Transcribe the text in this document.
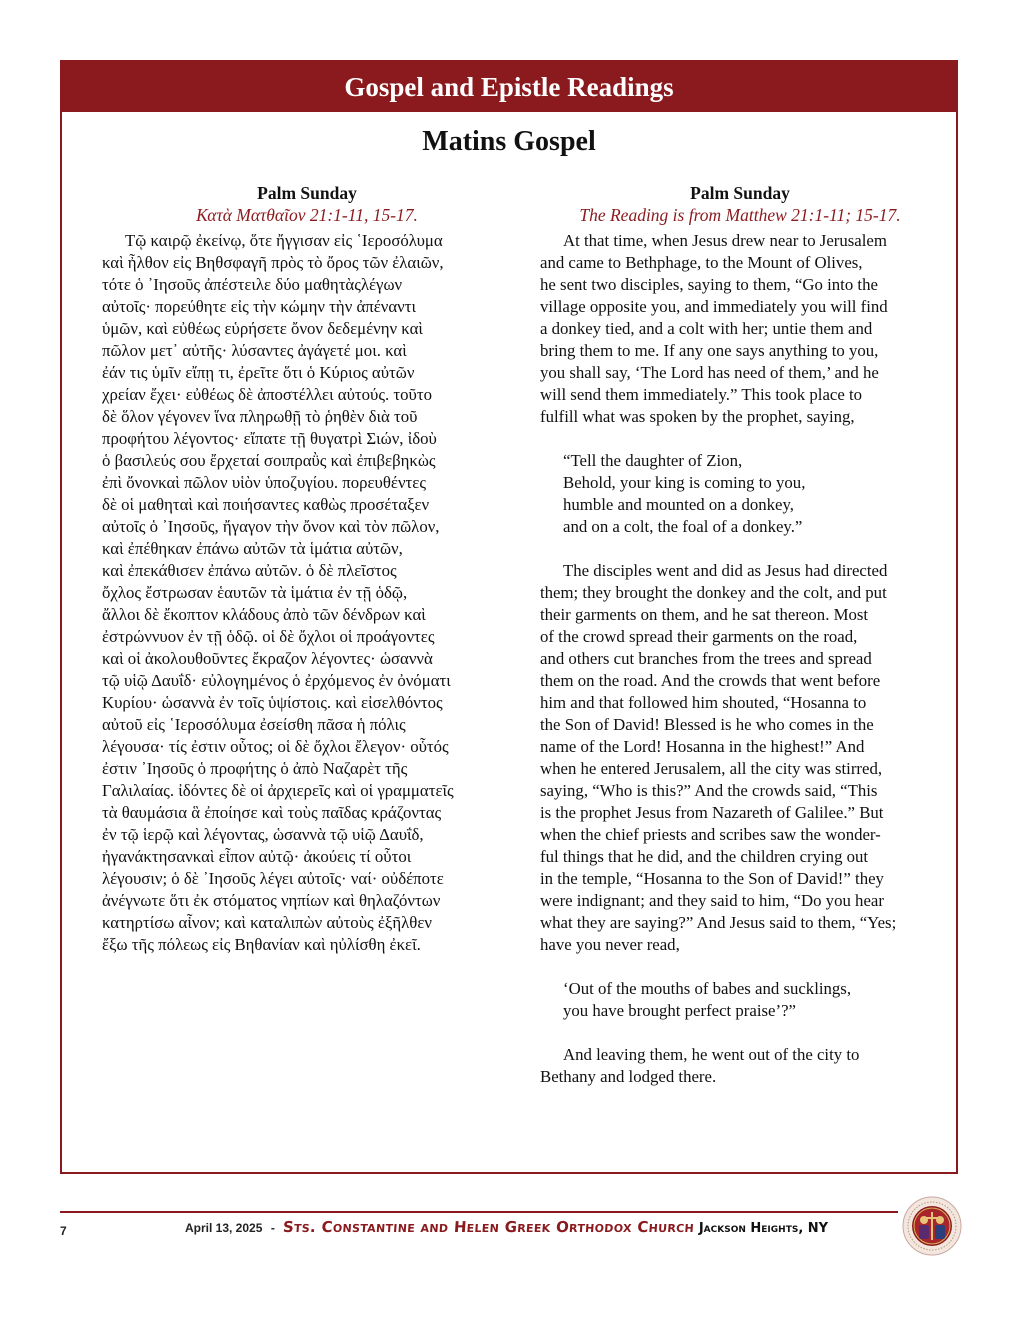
Gospel and Epistle Readings
Matins Gospel
Palm Sunday
Κατὰ Ματθαῖον 21:1-11, 15-17.
Τῷ καιρῷ ἐκείνῳ, ὅτε ἤγγισαν εἰς ῾Ιεροσόλυμα
καὶ ἦλθον εἰς Βηθσφαγῆ πρὸς τὸ ὄρος τῶν ἐλαιῶν,
τότε ὁ ᾿Ιησοῦς ἀπέστειλε δύο μαθητὰςλέγων
αὐτοῖς· πορεύθητε εἰς τὴν κώμην τὴν ἀπέναντι
ὑμῶν, καὶ εὐθέως εὑρήσετε ὄνον δεδεμένην καὶ
πῶλον μετ᾿ αὐτῆς· λύσαντες ἀγάγετέ μοι. καὶ
ἐάν τις ὑμῖν εἴπῃ τι, ἐρεῖτε ὅτι ὁ Κύριος αὐτῶν
χρείαν ἔχει· εὐθέως δὲ ἀποστέλλει αὐτούς. τοῦτο
δὲ ὅλον γέγονεν ἵνα πληρωθῇ τὸ ῥηθὲν διὰ τοῦ
προφήτου λέγοντος· εἴπατε τῇ θυγατρὶ Σιών, ἰδοὺ
ὁ βασιλεύς σου ἔρχεταί σοιπραῢς καὶ ἐπιβεβηκὼς
ἐπὶ ὄνονκαὶ πῶλον υἱὸν ὑποζυγίου. πορευθέντες
δὲ οἱ μαθηταὶ καὶ ποιήσαντες καθὼς προσέταξεν
αὐτοῖς ὁ ᾿Ιησοῦς, ἤγαγον τὴν ὄνον καὶ τὸν πῶλον,
καὶ ἐπέθηκαν ἐπάνω αὐτῶν τὰ ἱμάτια αὐτῶν,
καὶ ἐπεκάθισεν ἐπάνω αὐτῶν. ὁ δὲ πλεῖστος
ὄχλος ἔστρωσαν ἑαυτῶν τὰ ἱμάτια ἐν τῇ ὁδῷ,
ἄλλοι δὲ ἔκοπτον κλάδους ἀπὸ τῶν δένδρων καὶ
ἐστρώννυον ἐν τῇ ὁδῷ. οἱ δὲ ὄχλοι οἱ προάγοντες
καὶ οἱ ἀκολουθοῦντες ἔκραζον λέγοντες· ὡσαννὰ
τῷ υἱῷ Δαυΐδ· εὐλογημένος ὁ ἐρχόμενος ἐν ὀνόματι
Κυρίου· ὡσαννὰ ἐν τοῖς ὑψίστοις. καὶ εἰσελθόντος
αὐτοῦ εἰς ῾Ιεροσόλυμα ἐσείσθη πᾶσα ἡ πόλις
λέγουσα· τίς ἐστιν οὗτος; οἱ δὲ ὄχλοι ἔλεγον· οὗτός
ἐστιν ᾿Ιησοῦς ὁ προφήτης ὁ ἀπὸ Ναζαρὲτ τῆς
Γαλιλαίας. ἰδόντες δὲ οἱ ἀρχιερεῖς καὶ οἱ γραμματεῖς
τὰ θαυμάσια ἃ ἐποίησε καὶ τοὺς παῖδας κράζοντας
ἐν τῷ ἱερῷ καὶ λέγοντας, ὡσαννὰ τῷ υἱῷ Δαυΐδ,
ἠγανάκτησανκαὶ εἶπον αὐτῷ· ἀκούεις τί οὗτοι
λέγουσιν; ὁ δὲ ᾿Ιησοῦς λέγει αὐτοῖς· ναί· οὐδέποτε
ἀνέγνωτε ὅτι ἐκ στόματος νηπίων καὶ θηλαζόντων
κατηρτίσω αἶνον; καὶ καταλιπὼν αὐτοὺς ἐξῆλθεν
ἔξω τῆς πόλεως εἰς Βηθανίαν καὶ ηὐλίσθη ἐκεῖ.
Palm Sunday
The Reading is from Matthew 21:1-11; 15-17.
At that time, when Jesus drew near to Jerusalem
and came to Bethphage, to the Mount of Olives,
he sent two disciples, saying to them, “Go into the
village opposite you, and immediately you will find
a donkey tied, and a colt with her; untie them and
bring them to me. If any one says anything to you,
you shall say, ‘The Lord has need of them,’ and he
will send them immediately.” This took place to
fulfill what was spoken by the prophet, saying,
“Tell the daughter of Zion,
Behold, your king is coming to you,
humble and mounted on a donkey,
and on a colt, the foal of a donkey.”
The disciples went and did as Jesus had directed
them; they brought the donkey and the colt, and put
their garments on them, and he sat thereon. Most
of the crowd spread their garments on the road,
and others cut branches from the trees and spread
them on the road. And the crowds that went before
him and that followed him shouted, “Hosanna to
the Son of David! Blessed is he who comes in the
name of the Lord! Hosanna in the highest!” And
when he entered Jerusalem, all the city was stirred,
saying, “Who is this?” And the crowds said, “This
is the prophet Jesus from Nazareth of Galilee.” But
when the chief priests and scribes saw the wonder-
ful things that he did, and the children crying out
in the temple, “Hosanna to the Son of David!” they
were indignant; and they said to him, “Do you hear
what they are saying?” And Jesus said to them, “Yes;
have you never read,
‘Out of the mouths of babes and sucklings,
you have brought perfect praise’?”
And leaving them, he went out of the city to
Bethany and lodged there.
7	April 13, 2025 - Sts. Constantine and Helen Greek Orthodox Church Jackson Heights, NY
